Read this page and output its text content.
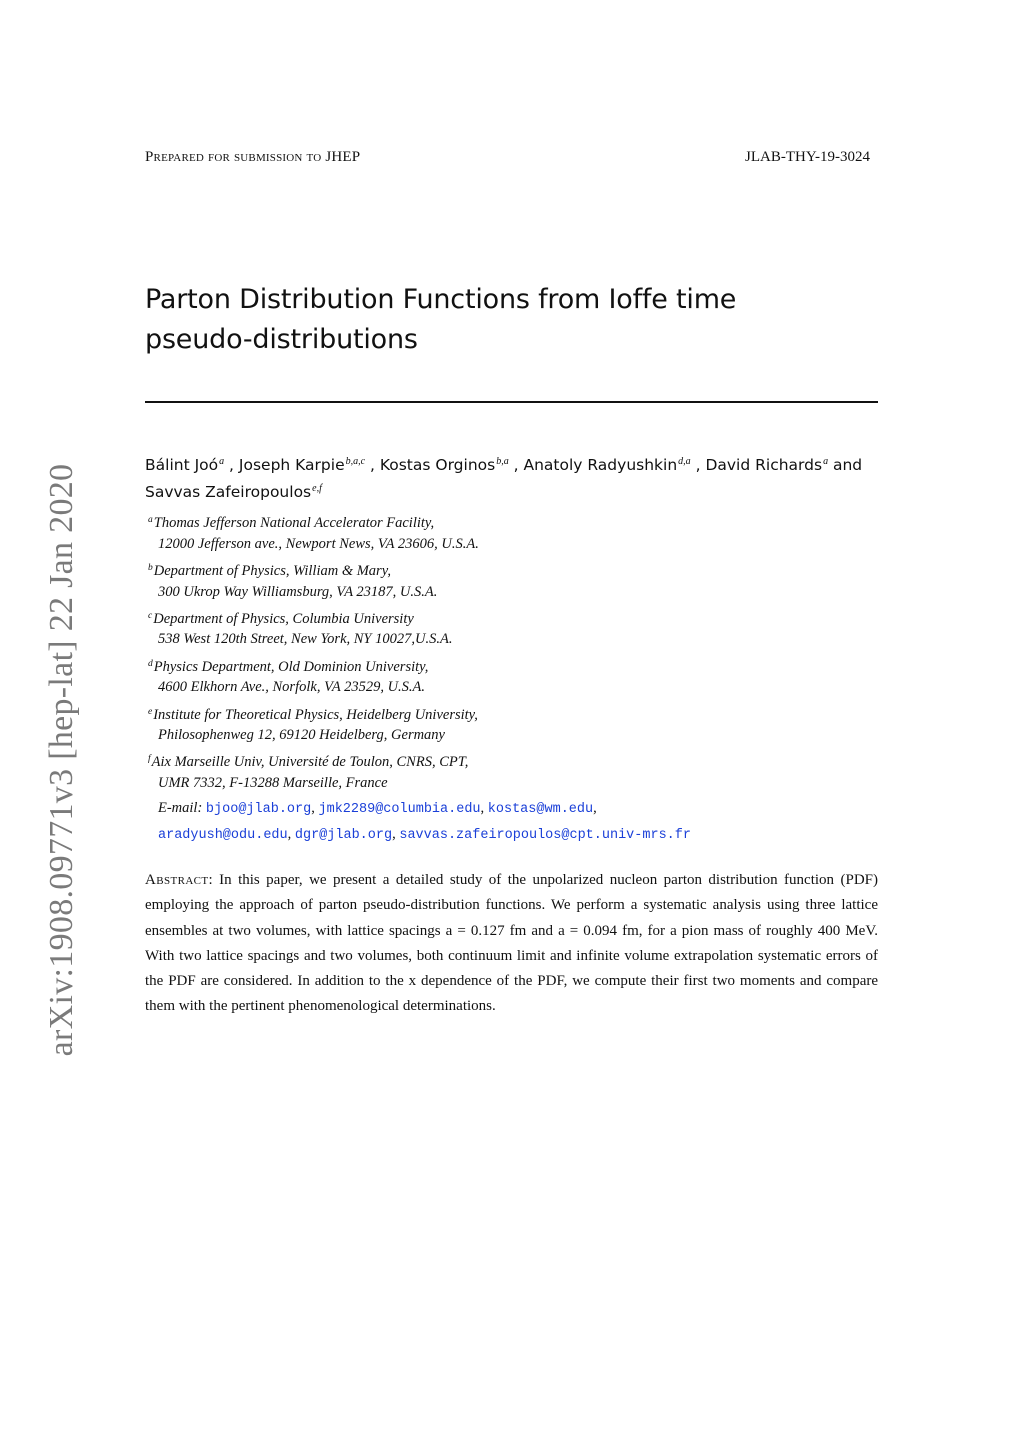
Prepared for submission to JHEP	JLAB-THY-19-3024
Parton Distribution Functions from Ioffe time
pseudo-distributions
Bálint Joó$^a$ , Joseph Karpie$^{b,a,c}$ , Kostas Orginos$^{b,a}$ , Anatoly Radyushkin$^{d,a}$ , David Richards$^a$ and Savvas Zafeiropoulos$^{e,f}$
$^a$Thomas Jefferson National Accelerator Facility,
12000 Jefferson ave., Newport News, VA 23606, U.S.A.
$^b$Department of Physics, William & Mary,
300 Ukrop Way Williamsburg, VA 23187, U.S.A.
$^c$Department of Physics, Columbia University
538 West 120th Street, New York, NY 10027,U.S.A.
$^d$Physics Department, Old Dominion University,
4600 Elkhorn Ave., Norfolk, VA 23529, U.S.A.
$^e$Institute for Theoretical Physics, Heidelberg University,
Philosophenweg 12, 69120 Heidelberg, Germany
$^f$Aix Marseille Univ, Université de Toulon, CNRS, CPT,
UMR 7332, F-13288 Marseille, France
E-mail: bjoo@jlab.org, jmk2289@columbia.edu, kostas@wm.edu,
aradyush@odu.edu, dgr@jlab.org, savvas.zafeiropoulos@cpt.univ-mrs.fr
Abstract: In this paper, we present a detailed study of the unpolarized nucleon parton distribution function (PDF) employing the approach of parton pseudo-distribution functions. We perform a systematic analysis using three lattice ensembles at two volumes, with lattice spacings a = 0.127 fm and a = 0.094 fm, for a pion mass of roughly 400 MeV. With two lattice spacings and two volumes, both continuum limit and infinite volume extrapolation systematic errors of the PDF are considered. In addition to the x dependence of the PDF, we compute their first two moments and compare them with the pertinent phenomenological determinations.
arXiv:1908.09771v3 [hep-lat] 22 Jan 2020
